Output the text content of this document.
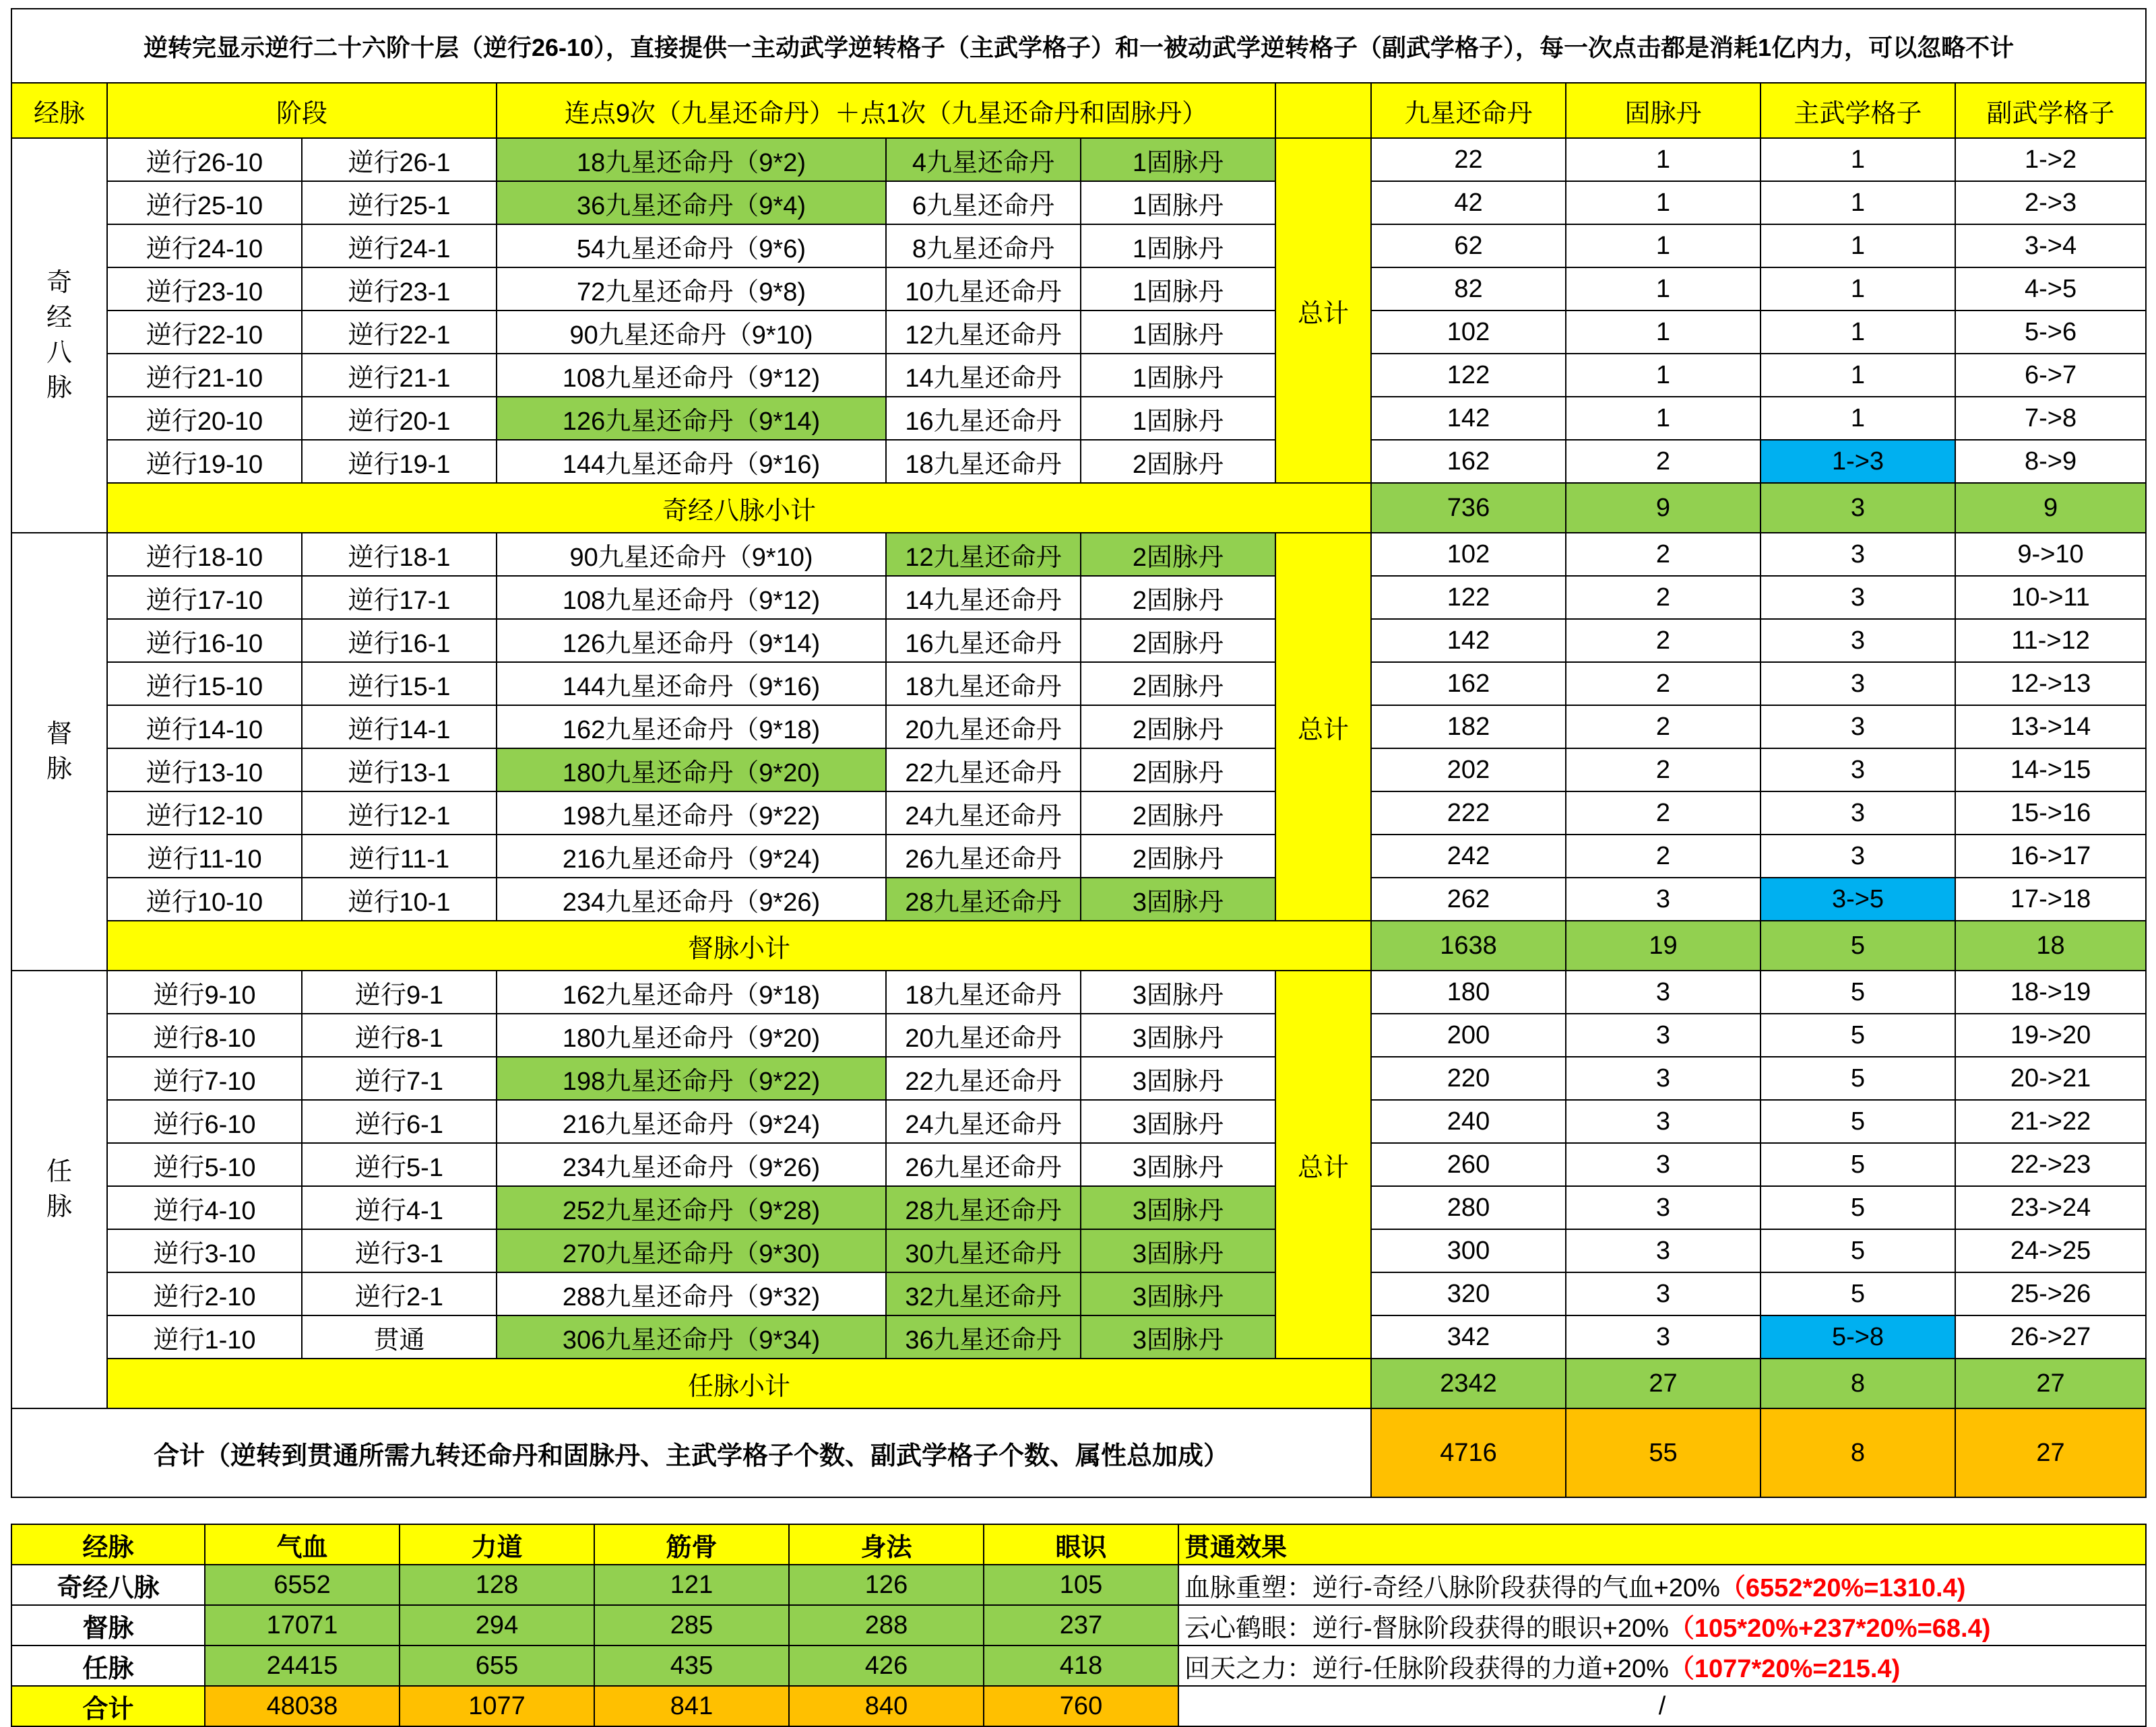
逆转完显示逆行二十六阶十层（逆行26-10），直接提供一主动武学逆转格子（主武学格子）和一被动武学逆转格子（副武学格子），每一次点击都是消耗1亿内力，可以忽略不计										
经脉	阶段		连点9次（九星还命丹）＋点1次（九星还命丹和固脉丹）				九星还命丹	固脉丹	主武学格子	副武学格子
奇经八脉	逆行26-10	逆行26-1	18九星还命丹（9*2)	4九星还命丹	1固脉丹	总计	22	1	1	1->2
	逆行25-10	逆行25-1	36九星还命丹（9*4)	6九星还命丹	1固脉丹		42	1	1	2->3
	逆行24-10	逆行24-1	54九星还命丹（9*6)	8九星还命丹	1固脉丹		62	1	1	3->4
	逆行23-10	逆行23-1	72九星还命丹（9*8)	10九星还命丹	1固脉丹		82	1	1	4->5
	逆行22-10	逆行22-1	90九星还命丹（9*10)	12九星还命丹	1固脉丹		102	1	1	5->6
	逆行21-10	逆行21-1	108九星还命丹（9*12)	14九星还命丹	1固脉丹		122	1	1	6->7
	逆行20-10	逆行20-1	126九星还命丹（9*14)	16九星还命丹	1固脉丹		142	1	1	7->8
	逆行19-10	逆行19-1	144九星还命丹（9*16)	18九星还命丹	2固脉丹		162	2	1->3	8->9
	奇经八脉小计						736	9	3	9
督脉	逆行18-10	逆行18-1	90九星还命丹（9*10)	12九星还命丹	2固脉丹	总计	102	2	3	9->10
	逆行17-10	逆行17-1	108九星还命丹（9*12)	14九星还命丹	2固脉丹		122	2	3	10->11
	逆行16-10	逆行16-1	126九星还命丹（9*14)	16九星还命丹	2固脉丹		142	2	3	11->12
	逆行15-10	逆行15-1	144九星还命丹（9*16)	18九星还命丹	2固脉丹		162	2	3	12->13
	逆行14-10	逆行14-1	162九星还命丹（9*18)	20九星还命丹	2固脉丹		182	2	3	13->14
	逆行13-10	逆行13-1	180九星还命丹（9*20)	22九星还命丹	2固脉丹		202	2	3	14->15
	逆行12-10	逆行12-1	198九星还命丹（9*22)	24九星还命丹	2固脉丹		222	2	3	15->16
	逆行11-10	逆行11-1	216九星还命丹（9*24)	26九星还命丹	2固脉丹		242	2	3	16->17
	逆行10-10	逆行10-1	234九星还命丹（9*26)	28九星还命丹	3固脉丹		262	3	3->5	17->18
	督脉小计						1638	19	5	18
任脉	逆行9-10	逆行9-1	162九星还命丹（9*18)	18九星还命丹	3固脉丹	总计	180	3	5	18->19
	逆行8-10	逆行8-1	180九星还命丹（9*20)	20九星还命丹	3固脉丹		200	3	5	19->20
	逆行7-10	逆行7-1	198九星还命丹（9*22)	22九星还命丹	3固脉丹		220	3	5	20->21
	逆行6-10	逆行6-1	216九星还命丹（9*24)	24九星还命丹	3固脉丹		240	3	5	21->22
	逆行5-10	逆行5-1	234九星还命丹（9*26)	26九星还命丹	3固脉丹		260	3	5	22->23
	逆行4-10	逆行4-1	252九星还命丹（9*28)	28九星还命丹	3固脉丹		280	3	5	23->24
	逆行3-10	逆行3-1	270九星还命丹（9*30)	30九星还命丹	3固脉丹		300	3	5	24->25
	逆行2-10	逆行2-1	288九星还命丹（9*32)	32九星还命丹	3固脉丹		320	3	5	25->26
	逆行1-10	贯通	306九星还命丹（9*34)	36九星还命丹	3固脉丹		342	3	5->8	26->27
	任脉小计						2342	27	8	27
合计（逆转到贯通所需九转还命丹和固脉丹、主武学格子个数、副武学格子个数、属性总加成）							4716	55	8	27
经脉	气血	力道	筋骨	身法	眼识	贯通效果
奇经八脉	6552	128	121	126	105	血脉重塑：逆行-奇经八脉阶段获得的气血+20%（6552*20%=1310.4)
督脉	17071	294	285	288	237	云心鹤眼：逆行-督脉阶段获得的眼识+20%（105*20%+237*20%=68.4)
任脉	24415	655	435	426	418	回天之力：逆行-任脉阶段获得的力道+20%（1077*20%=215.4)
合计	48038	1077	841	840	760	/
